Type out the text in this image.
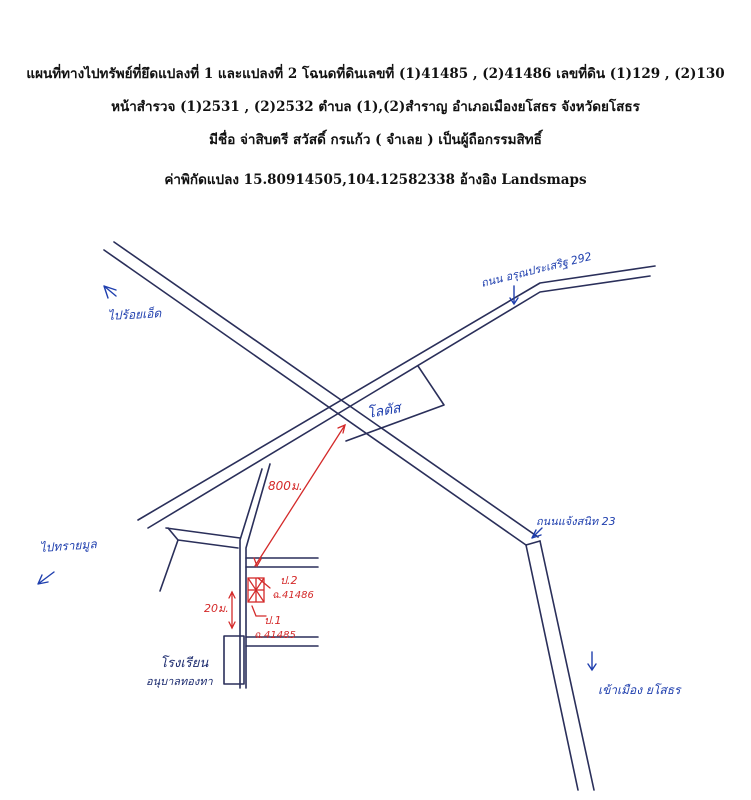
แผนที่ทางไปทรัพย์ที่ยึดแปลงที่ 1 และแปลงที่ 2 โฉนดที่ดินเลขที่ (1)41485 , (2)41486 เลขที่ดิน (1)129 , (2)130
หน้าสำรวจ (1)2531 , (2)2532 ตำบล (1),(2)สำราญ อำเภอเมืองยโสธร จังหวัดยโสธร
มีชื่อ จ่าสิบตรี สวัสดิ์ กรแก้ว ( จำเลย ) เป็นผู้ถือกรรมสิทธิ์
ค่าพิกัดแปลง 15.80914505,104.12582338 อ้างอิง Landsmaps
ไปร้อยเอ็ด
ไปทรายมูล
ถนน อรุณประเสริฐ 292
โลตัส
ถนนแจ้งสนิท 23
เข้าเมือง ยโสธร
โรงเรียน
อนุบาลทองทา
800ม.
20ม.
ป.2
ฉ.41486
ป.1
ฉ.41485
